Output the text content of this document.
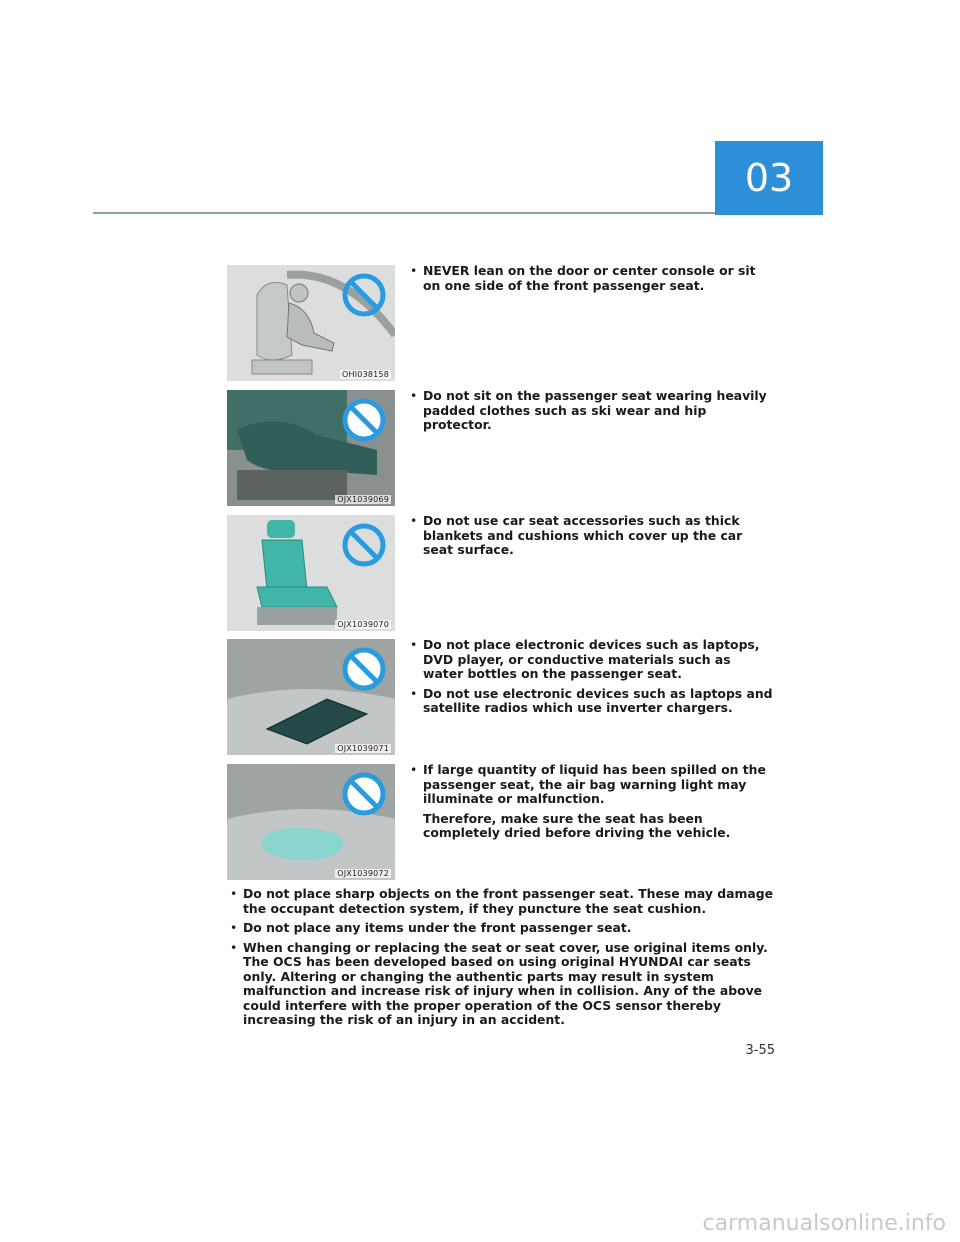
03
OHI038158
• NEVER lean on the door or center console or sit on one side of the front passenger seat.
OJX1039069
• Do not sit on the passenger seat wearing heavily padded clothes such as ski wear and hip protector.
OJX1039070
• Do not use car seat accessories such as thick blankets and cushions which cover up the car seat surface.
OJX1039071
• Do not place electronic devices such as laptops, DVD player, or conductive materials such as water bottles on the passenger seat.
• Do not use electronic devices such as laptops and satellite radios which use inverter chargers.
OJX1039072
• If large quantity of liquid has been spilled on the passenger seat, the air bag warning light may illuminate or malfunction.

Therefore, make sure the seat has been completely dried before driving the vehicle.

• Do not place sharp objects on the front passenger seat. These may damage the occupant detection system, if they puncture the seat cushion.
• Do not place any items under the front passenger seat.
• When changing or replacing the seat or seat cover, use original items only. The OCS has been developed based on using original HYUNDAI car seats only. Altering or changing the authentic parts may result in system malfunction and increase risk of injury when in collision. Any of the above could interfere with the proper operation of the OCS sensor thereby increasing the risk of an injury in an accident.
3-55
carmanualsonline.info
